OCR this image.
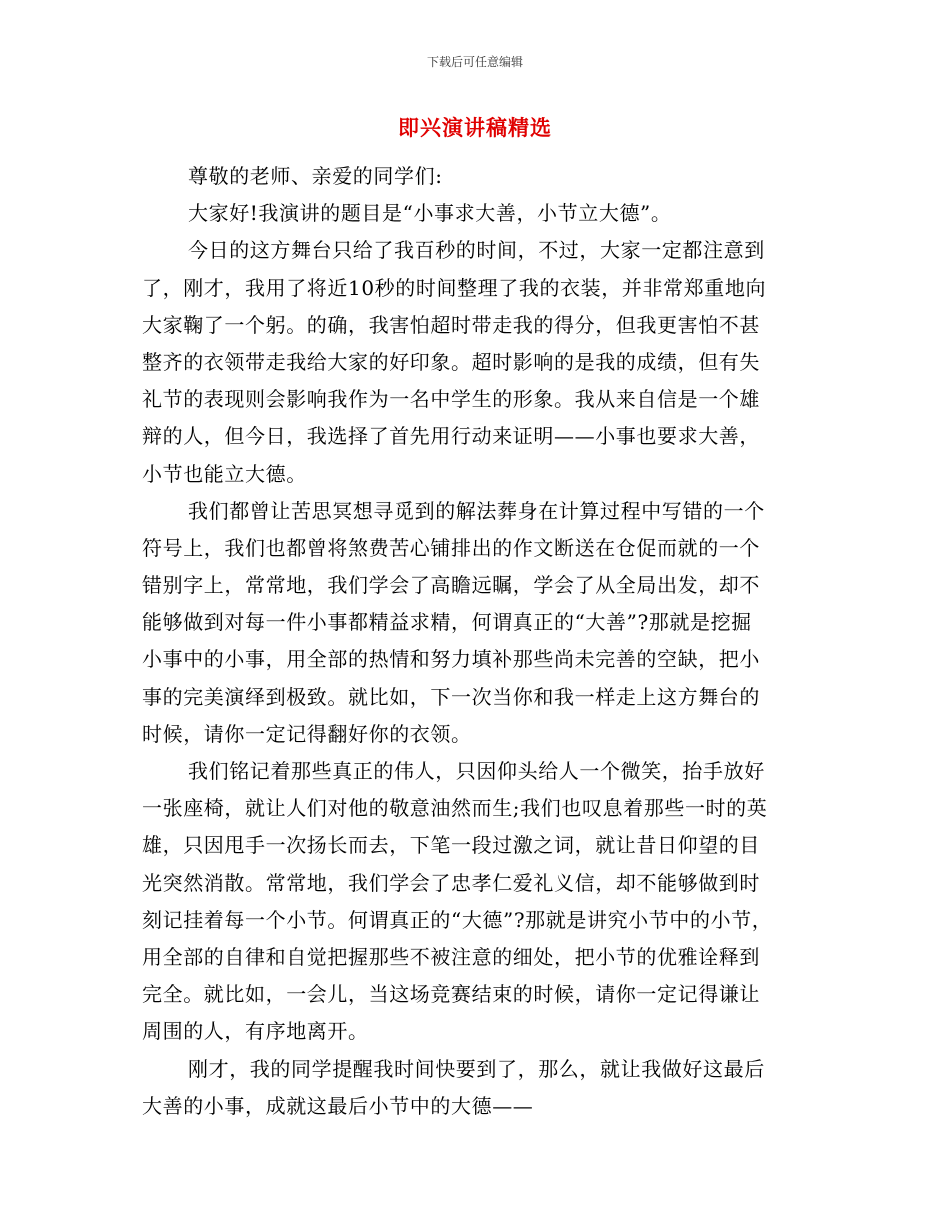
下载后可任意编辑
即兴演讲稿精选
尊敬的老师、亲爱的同学们:
大家好!我演讲的题目是“小事求大善，小节立大德”。
今日的这方舞台只给了我百秒的时间，不过，大家一定都注意到
了，刚才，我用了将近10秒的时间整理了我的衣装，并非常郑重地向
大家鞠了一个躬。的确，我害怕超时带走我的得分，但我更害怕不甚
整齐的衣领带走我给大家的好印象。超时影响的是我的成绩，但有失
礼节的表现则会影响我作为一名中学生的形象。我从来自信是一个雄
辩的人，但今日，我选择了首先用行动来证明——小事也要求大善，
小节也能立大德。
我们都曾让苦思冥想寻觅到的解法葬身在计算过程中写错的一个
符号上，我们也都曾将煞费苦心铺排出的作文断送在仓促而就的一个
错别字上，常常地，我们学会了高瞻远瞩，学会了从全局出发，却不
能够做到对每一件小事都精益求精，何谓真正的“大善”?那就是挖掘
小事中的小事，用全部的热情和努力填补那些尚未完善的空缺，把小
事的完美演绎到极致。就比如，下一次当你和我一样走上这方舞台的
时候，请你一定记得翻好你的衣领。
我们铭记着那些真正的伟人，只因仰头给人一个微笑，抬手放好
一张座椅，就让人们对他的敬意油然而生;我们也叹息着那些一时的英
雄，只因甩手一次扬长而去，下笔一段过激之词，就让昔日仰望的目
光突然消散。常常地，我们学会了忠孝仁爱礼义信，却不能够做到时
刻记挂着每一个小节。何谓真正的“大德”?那就是讲究小节中的小节，
用全部的自律和自觉把握那些不被注意的细处，把小节的优雅诠释到
完全。就比如，一会儿，当这场竞赛结束的时候，请你一定记得谦让
周围的人，有序地离开。
刚才，我的同学提醒我时间快要到了，那么，就让我做好这最后
大善的小事，成就这最后小节中的大德——
